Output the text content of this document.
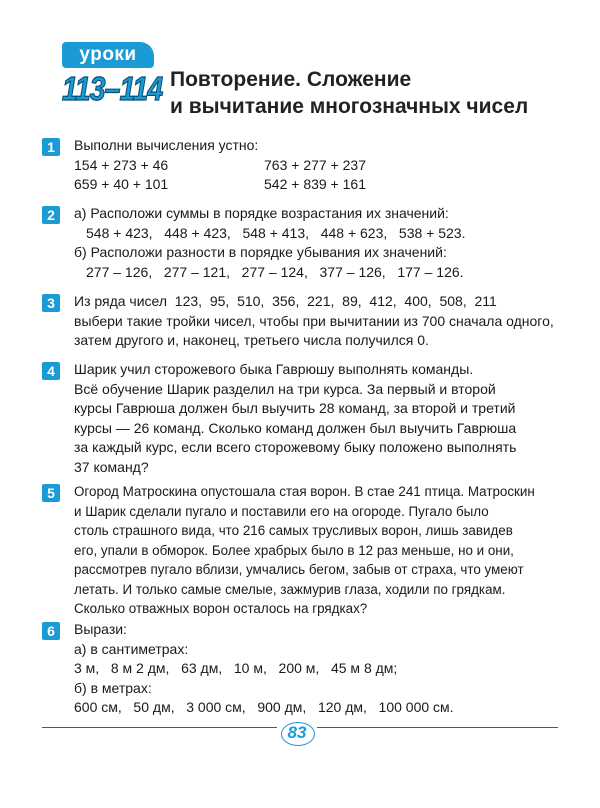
уроки
113–114 Повторение. Сложение
и вычитание многозначных чисел
1	Выполни вычисления устно:
154 + 273 + 46	763 + 277 + 237
659 + 40 + 101	542 + 839 + 161
2	а) Расположи суммы в порядке возрастания их значений:
548 + 423,   448 + 423,   548 + 413,   448 + 623,   538 + 523.
б) Расположи разности в порядке убывания их значений:
277 – 126,   277 – 121,   277 – 124,   377 – 126,   177 – 126.
3	Из ряда чисел  123,  95,  510,  356,  221,  89,  412,  400,  508,  211
выбери такие тройки чисел, чтобы при вычитании из 700 сначала одного,
затем другого и, наконец, третьего числа получился 0.
4	Шарик учил сторожевого быка Гаврюшу выполнять команды.
Всё обучение Шарик разделил на три курса. За первый и второй
курсы Гаврюша должен был выучить 28 команд, за второй и третий
курсы — 26 команд. Сколько команд должен был выучить Гаврюша
за каждый курс, если всего сторожевому быку положено выполнять
37 команд?
5	Огород Матроскина опустошала стая ворон. В стае 241 птица. Матроскин
и Шарик сделали пугало и поставили его на огороде. Пугало было
столь страшного вида, что 216 самых трусливых ворон, лишь завидев
его, упали в обморок. Более храбрых было в 12 раз меньше, но и они,
рассмотрев пугало вблизи, умчались бегом, забыв от страха, что умеют
летать. И только самые смелые, зажмурив глаза, ходили по грядкам.
Сколько отважных ворон осталось на грядках?
6	Вырази:
а) в сантиметрах:
3 м,   8 м 2 дм,   63 дм,   10 м,   200 м,   45 м 8 дм;
б) в метрах:
600 см,   50 дм,   3 000 см,   900 дм,   120 дм,   100 000 см.
83
